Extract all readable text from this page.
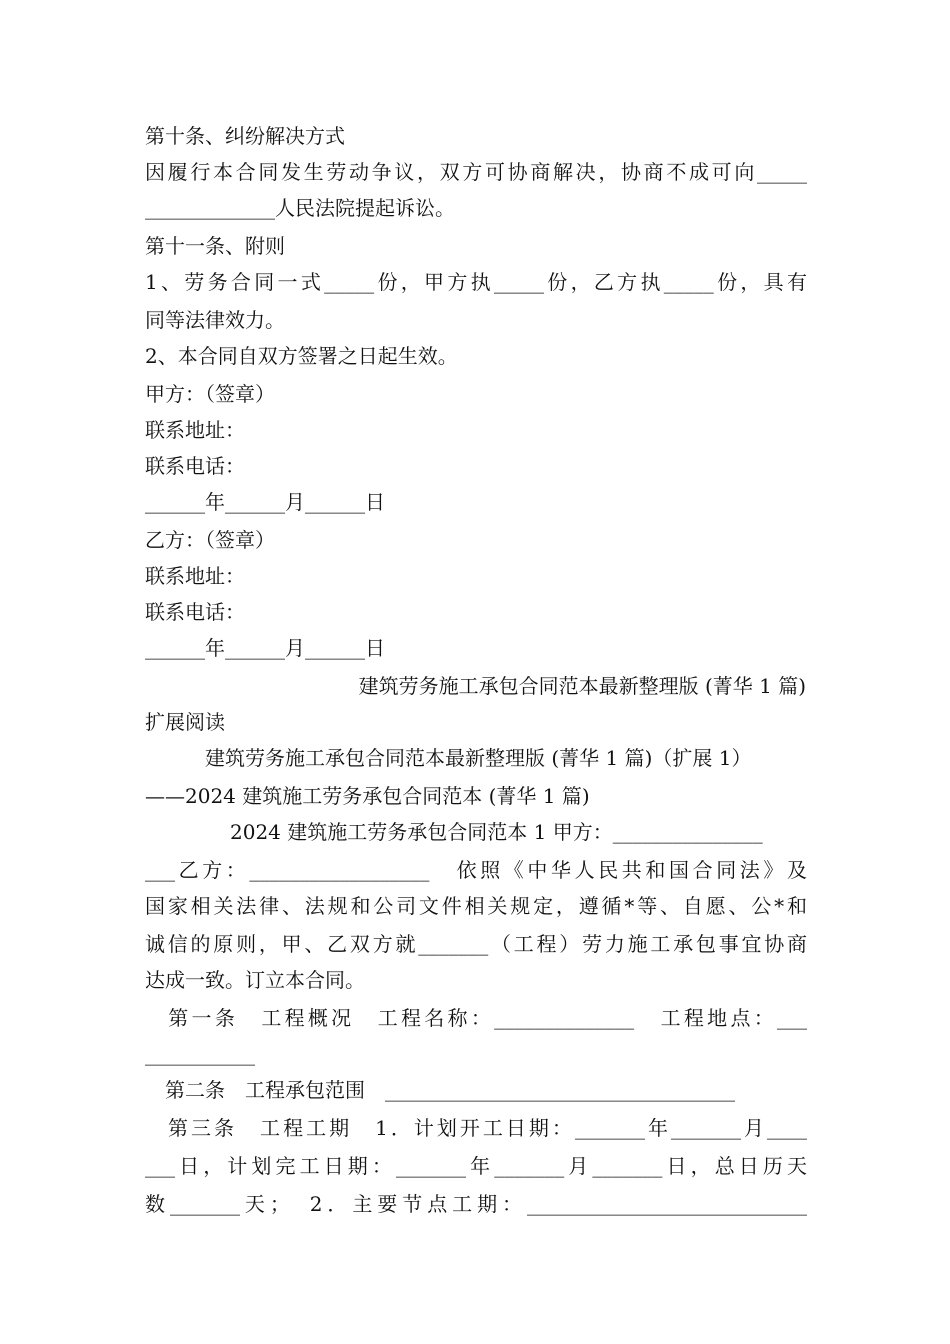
第十条、纠纷解决方式
因履行本合同发生劳动争议，双方可协商解决，协商不成可向_____
_____________人民法院提起诉讼。
第十一条、附则
1、劳务合同一式_____份，甲方执_____份，乙方执_____份，具有
同等法律效力。
2、本合同自双方签署之日起生效。
甲方：（签章）
联系地址：
联系电话：
______年______月______日
乙方：（签章）
联系地址：
联系电话：
______年______月______日
建筑劳务施工承包合同范本最新整理版 (菁华 1 篇)
扩展阅读
建筑劳务施工承包合同范本最新整理版 (菁华 1 篇)（扩展 1）
——2024 建筑施工劳务承包合同范本 (菁华 1 篇)
2024 建筑施工劳务承包合同范本 1 甲方：_______________
___乙方：__________________　依照《中华人民共和国合同法》及
国家相关法律、法规和公司文件相关规定，遵循*等、自愿、公*和
诚信的原则，甲、乙双方就_______（工程）劳力施工承包事宜协商
达成一致。订立本合同。
　第一条　工程概况　工程名称：______________　工程地点：___
___________
　第二条　工程承包范围　___________________________________
　第三条　工程工期　1．计划开工日期：_______年_______月____
___日，计划完工日期：_______年_______月_______日，总日历天
数_______天；　2．主要节点工期：____________________________
